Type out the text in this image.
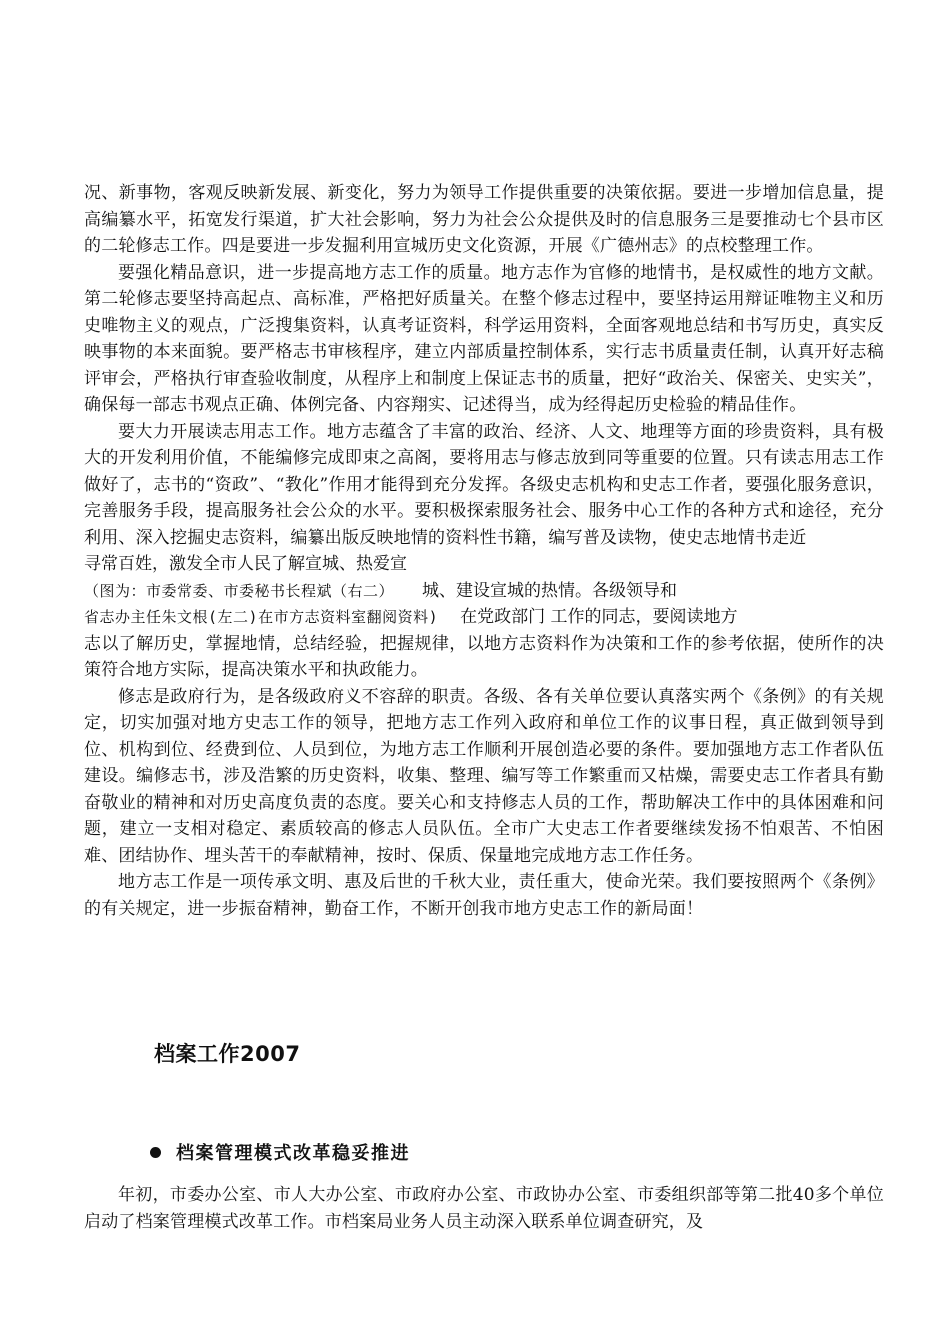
况、新事物，客观反映新发展、新变化，努力为领导工作提供重要的决策依据。要进一步增加信息量，提高编纂水平，拓宽发行渠道，扩大社会影响，努力为社会公众提供及时的信息服务三是要推动七个县市区的二轮修志工作。四是要进一步发掘利用宣城历史文化资源，开展《广德州志》的点校整理工作。

要强化精品意识，进一步提高地方志工作的质量。地方志作为官修的地情书，是权威性的地方文献。第二轮修志要坚持高起点、高标准，严格把好质量关。在整个修志过程中，要坚持运用辩证唯物主义和历史唯物主义的观点，广泛搜集资料，认真考证资料，科学运用资料，全面客观地总结和书写历史，真实反映事物的本来面貌。要严格志书审核程序，建立内部质量控制体系，实行志书质量责任制，认真开好志稿评审会，严格执行审查验收制度，从程序上和制度上保证志书的质量，把好“政治关、保密关、史实关”，确保每一部志书观点正确、体例完备、内容翔实、记述得当，成为经得起历史检验的精品佳作。

要大力开展读志用志工作。地方志蕴含了丰富的政治、经济、人文、地理等方面的珍贵资料，具有极大的开发利用价值，不能编修完成即束之高阁，要将用志与修志放到同等重要的位置。只有读志用志工作做好了，志书的“资政”、“教化”作用才能得到充分发挥。各级史志机构和史志工作者，要强化服务意识，完善服务手段，提高服务社会公众的水平。要积极探索服务社会、服务中心工作的各种方式和途径，充分利用、深入挖掘史志资料，编纂出版反映地情的资料性书籍，编写普及读物，使史志地情书走近

寻常百姓，激发全市人民了解宣城、热爱宣

（图为：市委常委、市委秘书长程斌（右二） 城、建设宣城的热情。各级领导和

省志办主任朱文根(左二)在市方志资料室翻阅资料) 在党政部门 工作的同志，要阅读地方

志以了解历史，掌握地情，总结经验，把握规律，以地方志资料作为决策和工作的参考依据，使所作的决策符合地方实际，提高决策水平和执政能力。

修志是政府行为，是各级政府义不容辞的职责。各级、各有关单位要认真落实两个《条例》的有关规定，切实加强对地方史志工作的领导，把地方志工作列入政府和单位工作的议事日程，真正做到领导到位、机构到位、经费到位、人员到位，为地方志工作顺利开展创造必要的条件。要加强地方志工作者队伍建设。编修志书，涉及浩繁的历史资料，收集、整理、编写等工作繁重而又枯燥，需要史志工作者具有勤奋敬业的精神和对历史高度负责的态度。要关心和支持修志人员的工作，帮助解决工作中的具体困难和问题，建立一支相对稳定、素质较高的修志人员队伍。全市广大史志工作者要继续发扬不怕艰苦、不怕困难、团结协作、埋头苦干的奉献精神，按时、保质、保量地完成地方志工作任务。

地方志工作是一项传承文明、惠及后世的千秋大业，责任重大，使命光荣。我们要按照两个《条例》的有关规定，进一步振奋精神，勤奋工作，不断开创我市地方史志工作的新局面！

档案工作2007
档案管理模式改革稳妥推进

年初，市委办公室、市人大办公室、市政府办公室、市政协办公室、市委组织部等第二批40多个单位启动了档案管理模式改革工作。市档案局业务人员主动深入联系单位调查研究，及
